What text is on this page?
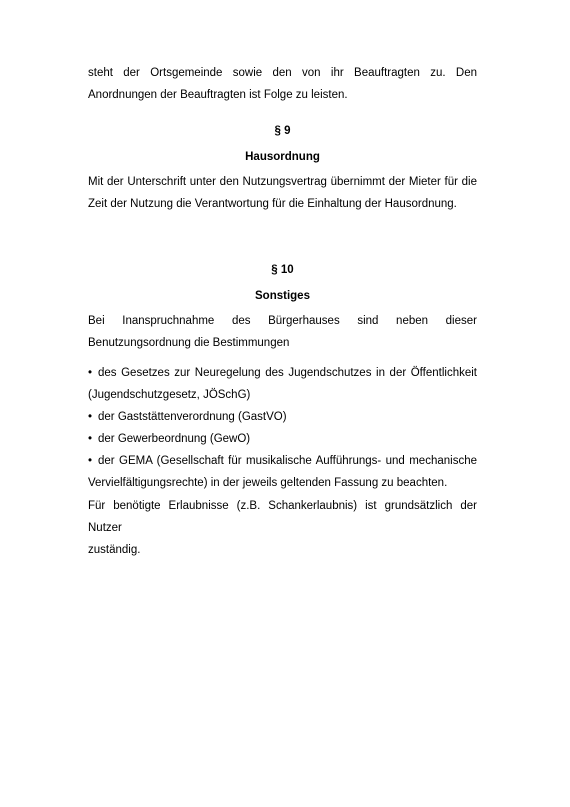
steht der Ortsgemeinde sowie den von ihr Beauftragten zu. Den
Anordnungen der Beauftragten ist Folge zu leisten.
§ 9
Hausordnung
Mit der Unterschrift unter den Nutzungsvertrag übernimmt der Mieter für die
Zeit der Nutzung die Verantwortung für die Einhaltung der Hausordnung.
§ 10
Sonstiges
Bei Inanspruchnahme des Bürgerhauses sind neben dieser
Benutzungsordnung die Bestimmungen
• des Gesetzes zur Neuregelung des Jugendschutzes in der Öffentlichkeit
(Jugendschutzgesetz, JÖSchG)
• der Gaststättenverordnung (GastVO)
• der Gewerbeordnung (GewO)
• der GEMA (Gesellschaft für musikalische Aufführungs- und mechanische
Vervielfältigungsrechte) in der jeweils geltenden Fassung zu beachten.
Für benötigte Erlaubnisse (z.B. Schankerlaubnis) ist grundsätzlich der Nutzer
zuständig.
